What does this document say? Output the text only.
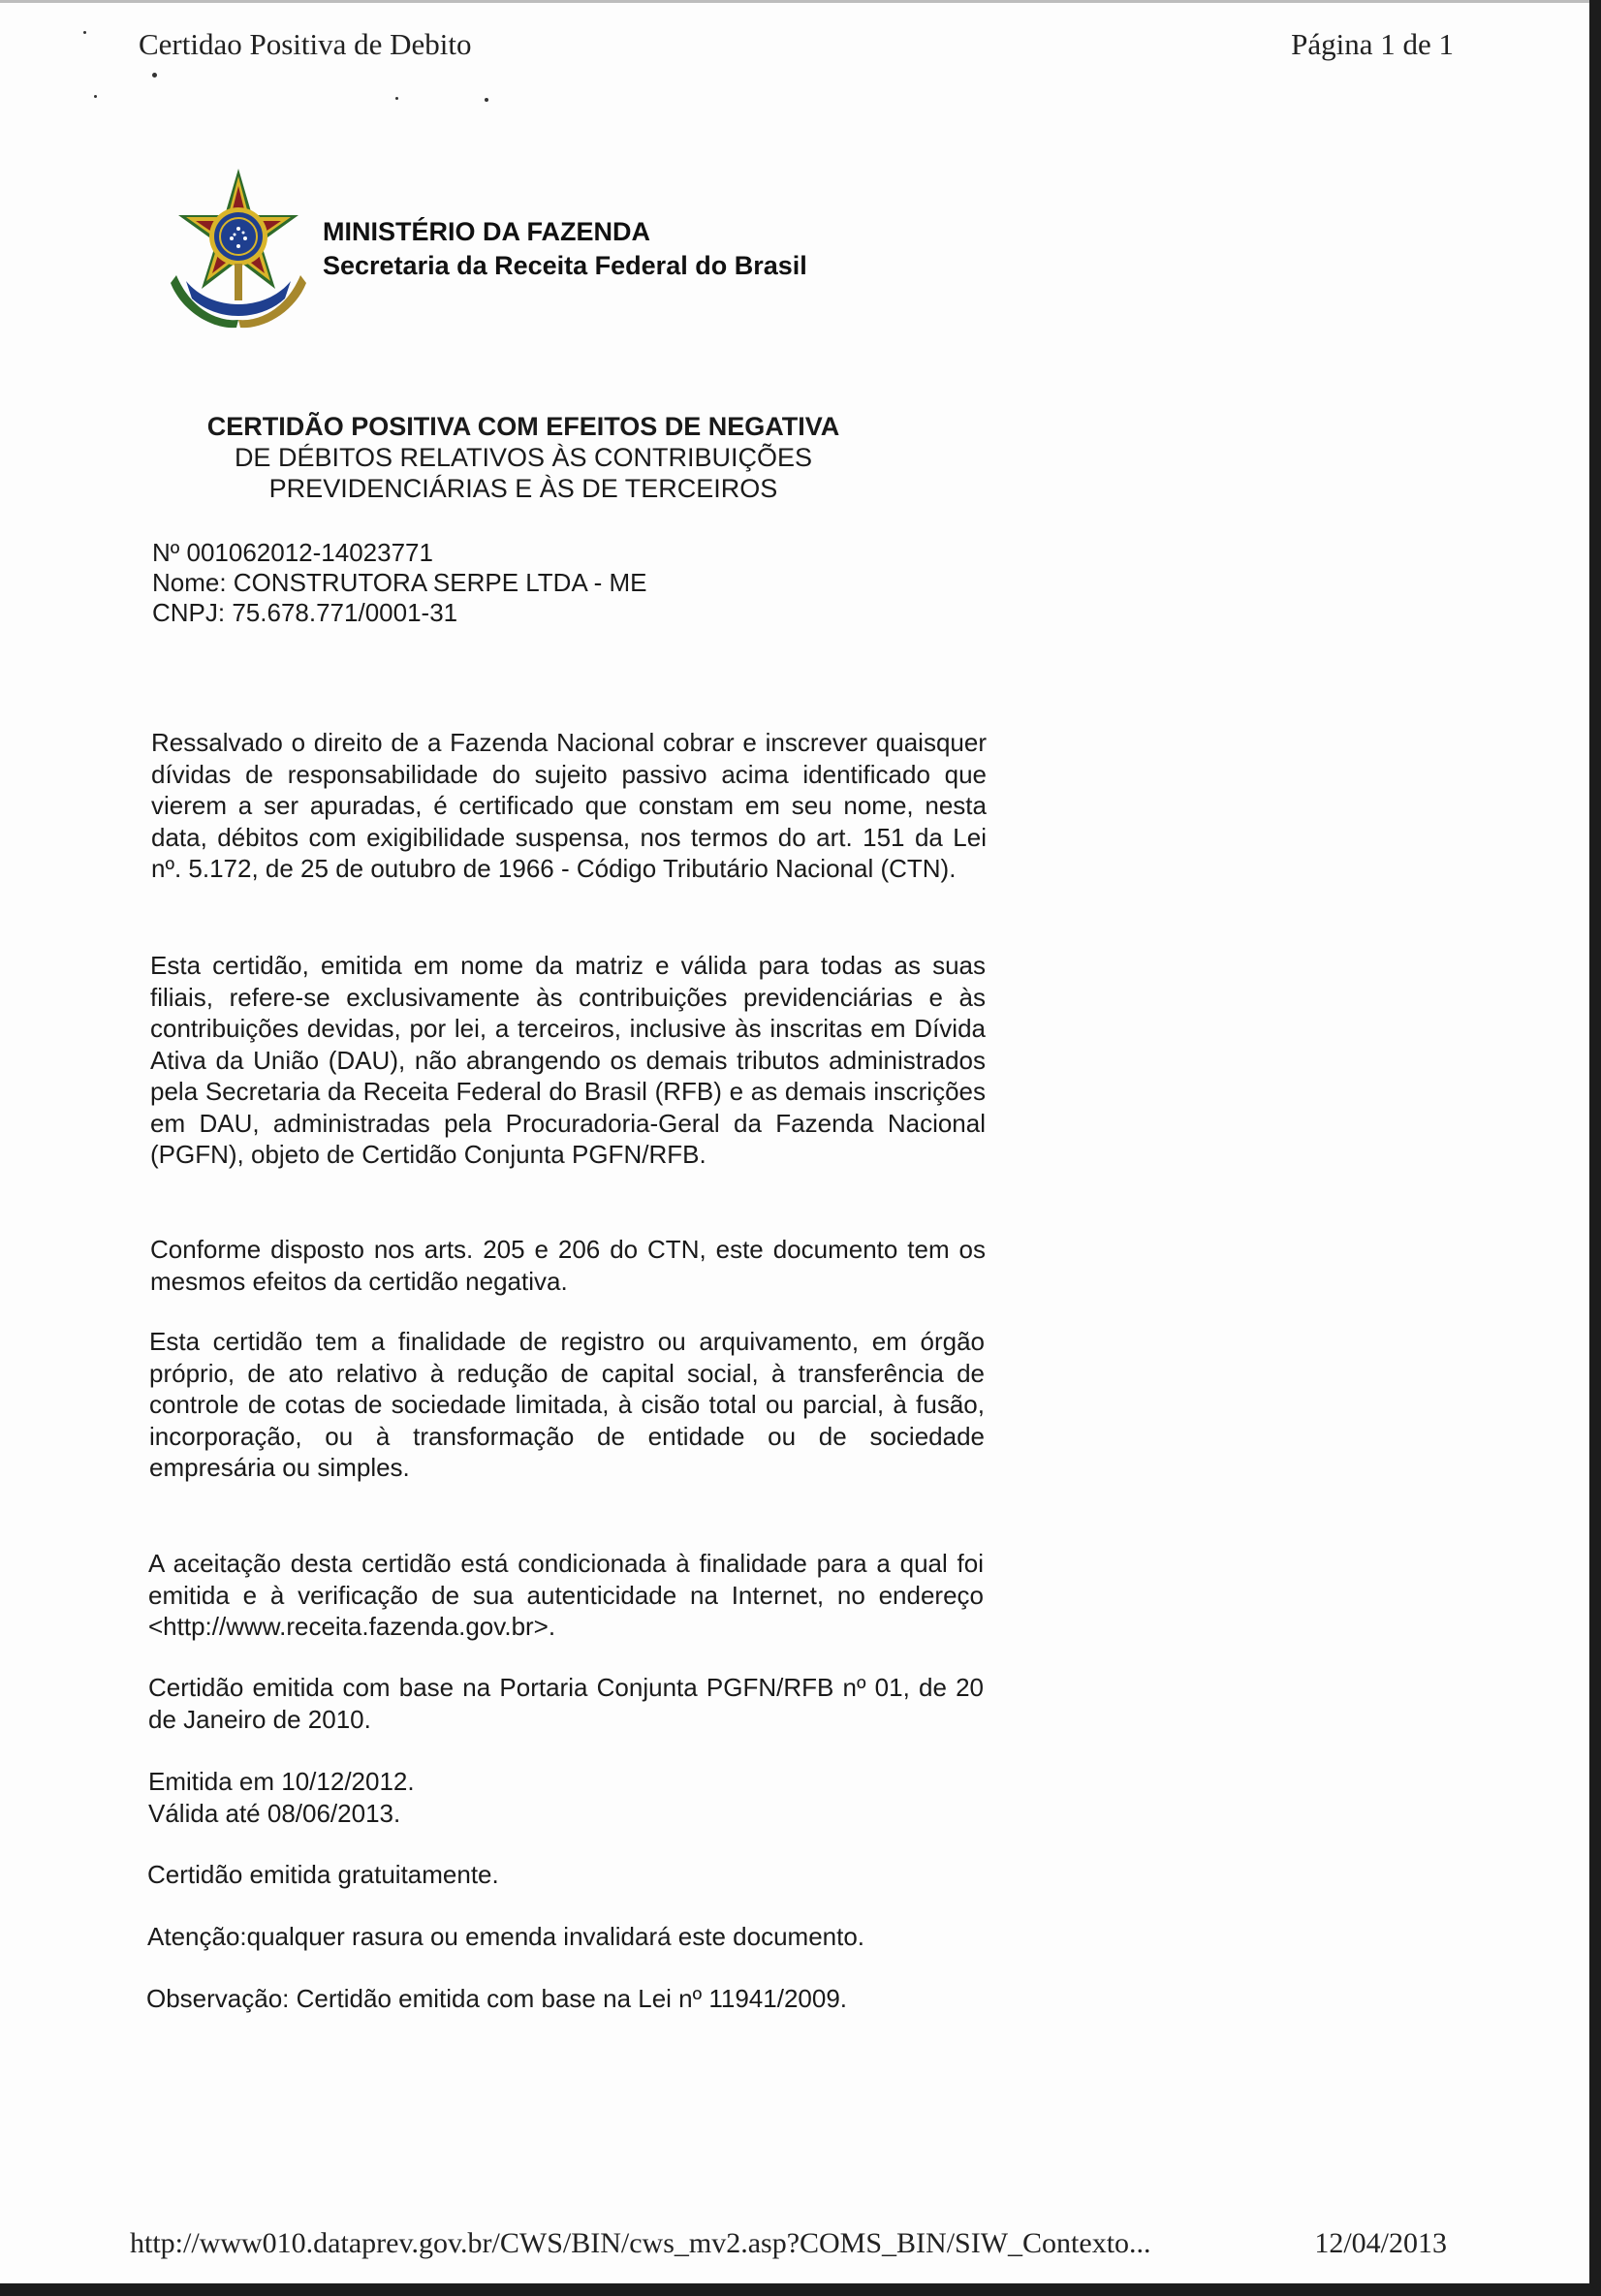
Certidao Positiva de Debito	Página 1 de 1
MINISTÉRIO DA FAZENDA
Secretaria da Receita Federal do Brasil
CERTIDÃO POSITIVA COM EFEITOS DE NEGATIVA
DE DÉBITOS RELATIVOS ÀS CONTRIBUIÇÕES
PREVIDENCIÁRIAS E ÀS DE TERCEIROS
Nº 001062012-14023771
Nome: CONSTRUTORA SERPE LTDA - ME
CNPJ: 75.678.771/0001-31
Ressalvado o direito de a Fazenda Nacional cobrar e inscrever quaisquer dívidas de responsabilidade do sujeito passivo acima identificado que vierem a ser apuradas, é certificado que constam em seu nome, nesta data, débitos com exigibilidade suspensa, nos termos do art. 151 da Lei nº. 5.172, de 25 de outubro de 1966 - Código Tributário Nacional (CTN).
Esta certidão, emitida em nome da matriz e válida para todas as suas filiais, refere-se exclusivamente às contribuições previdenciárias e às contribuições devidas, por lei, a terceiros, inclusive às inscritas em Dívida Ativa da União (DAU), não abrangendo os demais tributos administrados pela Secretaria da Receita Federal do Brasil (RFB) e as demais inscrições em DAU, administradas pela Procuradoria-Geral da Fazenda Nacional (PGFN), objeto de Certidão Conjunta PGFN/RFB.
Conforme disposto nos arts. 205 e 206 do CTN, este documento tem os mesmos efeitos da certidão negativa.
Esta certidão tem a finalidade de registro ou arquivamento, em órgão próprio, de ato relativo à redução de capital social, à transferência de controle de cotas de sociedade limitada, à cisão total ou parcial, à fusão, incorporação, ou à transformação de entidade ou de sociedade empresária ou simples.
A aceitação desta certidão está condicionada à finalidade para a qual foi emitida e à verificação de sua autenticidade na Internet, no endereço <http://www.receita.fazenda.gov.br>.
Certidão emitida com base na Portaria Conjunta PGFN/RFB nº 01, de 20 de Janeiro de 2010.
Emitida em 10/12/2012.
Válida até 08/06/2013.
Certidão emitida gratuitamente.
Atenção:qualquer rasura ou emenda invalidará este documento.
Observação: Certidão emitida com base na Lei nº 11941/2009.
http://www010.dataprev.gov.br/CWS/BIN/cws_mv2.asp?COMS_BIN/SIW_Contexto...	12/04/2013
